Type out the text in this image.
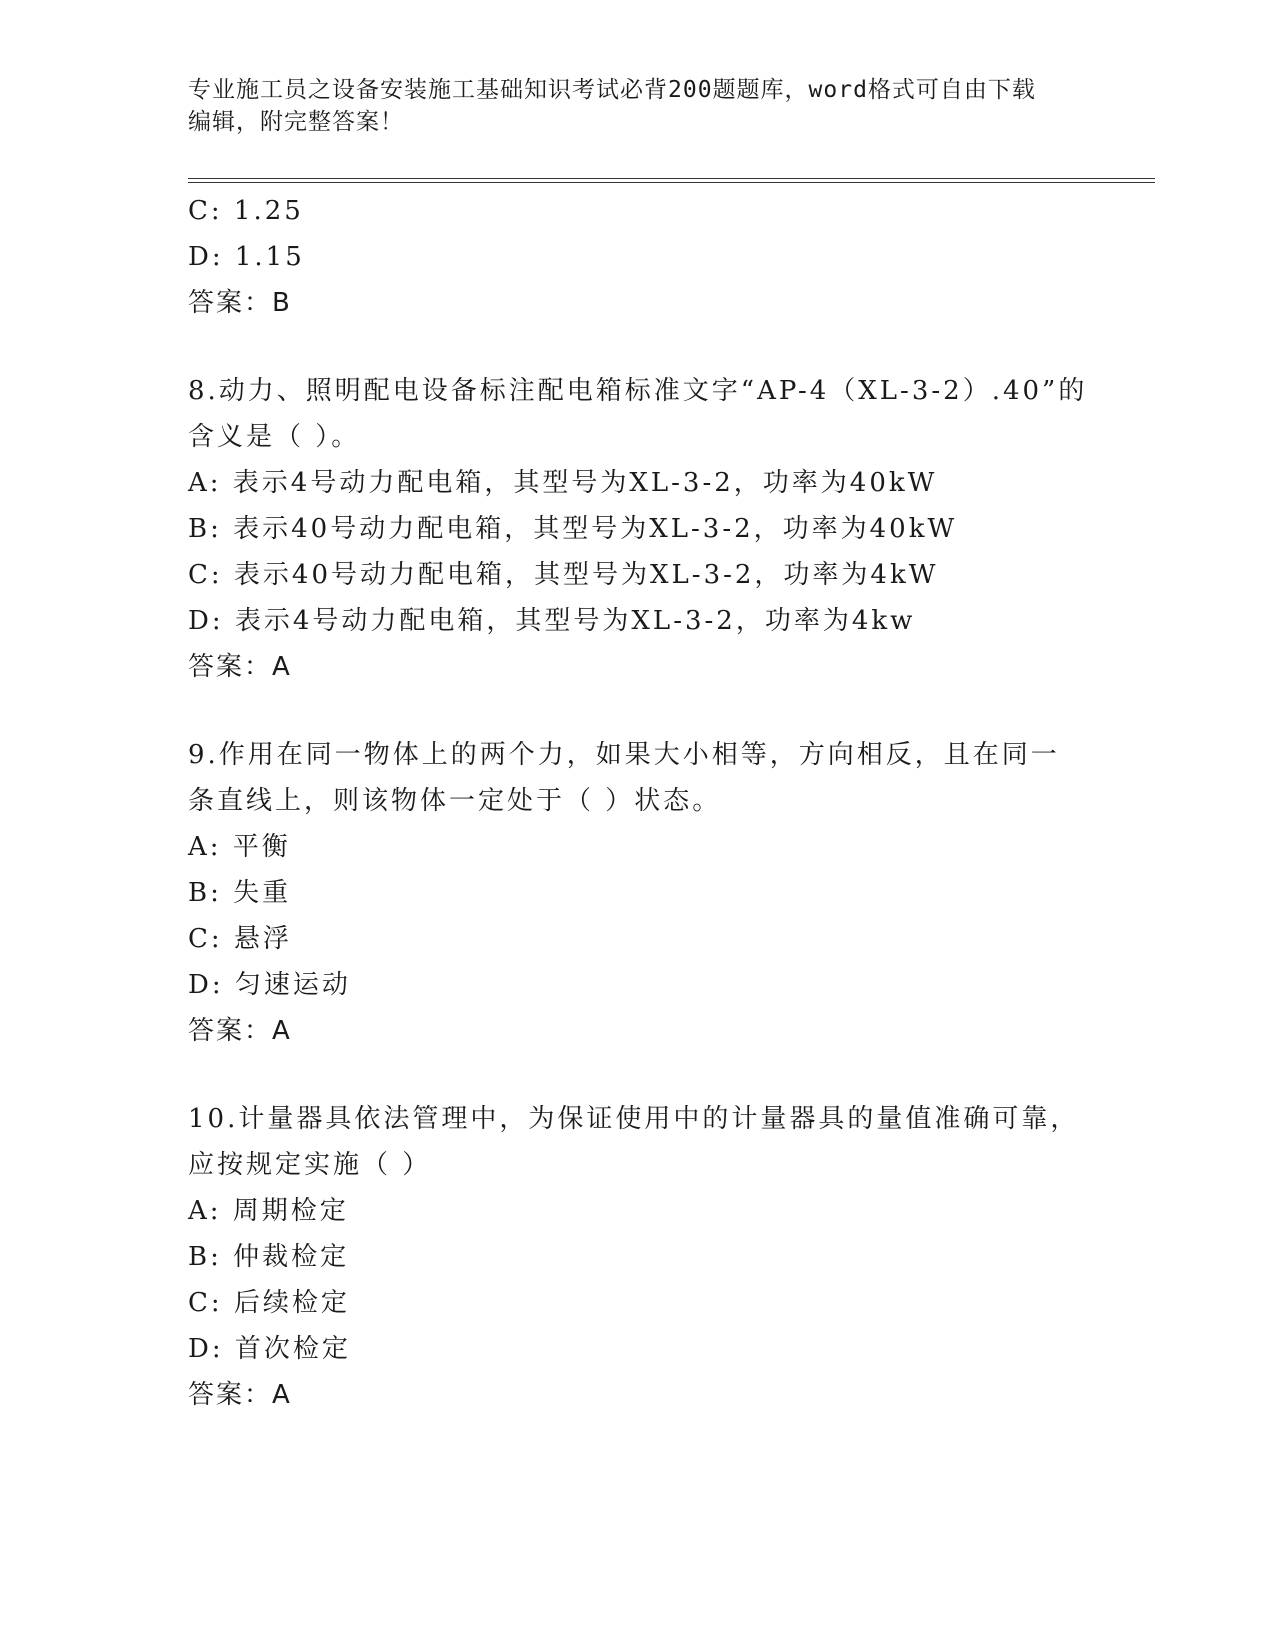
专业施工员之设备安装施工基础知识考试必背200题题库，word格式可自由下载
编辑，附完整答案！
C: 1.25
D: 1.15
答案：B
8.动力、照明配电设备标注配电箱标准文字“AP-4（XL-3-2）.40”的
含义是（ ）。
A: 表示4号动力配电箱，其型号为XL-3-2，功率为40kW
B: 表示40号动力配电箱，其型号为XL-3-2，功率为40kW
C: 表示40号动力配电箱，其型号为XL-3-2，功率为4kW
D: 表示4号动力配电箱，其型号为XL-3-2，功率为4kw
答案：A
9.作用在同一物体上的两个力，如果大小相等，方向相反，且在同一
条直线上，则该物体一定处于（ ）状态。
A: 平衡
B: 失重
C: 悬浮
D: 匀速运动
答案：A
10.计量器具依法管理中，为保证使用中的计量器具的量值准确可靠，
应按规定实施（ ）
A: 周期检定
B: 仲裁检定
C: 后续检定
D: 首次检定
答案：A
